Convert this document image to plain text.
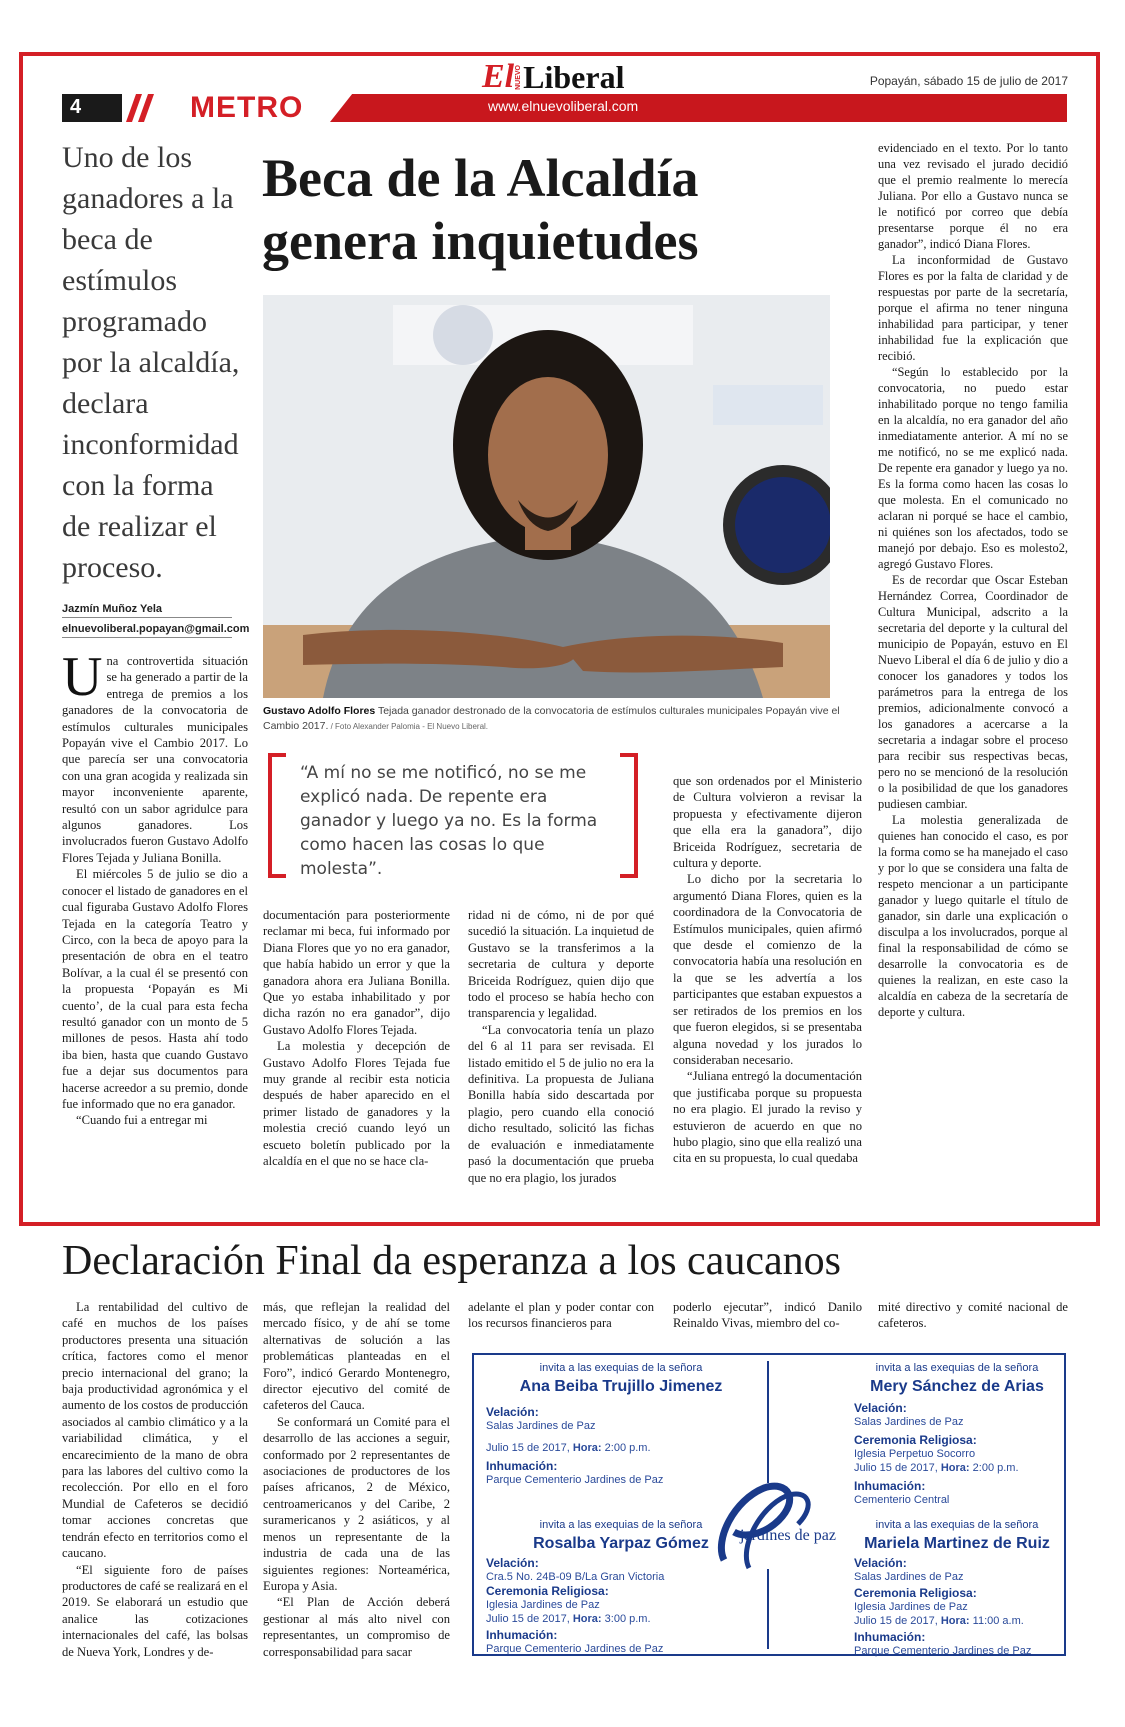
4	METRO	www.elnuevoliberal.com
El NUEVO Liberal	Popayán, sábado 15 de julio de 2017
Uno de los ganadores a la beca de estímulos programado por la alcaldía, declara inconformidad con la forma de realizar el proceso.
Jazmín Muñoz Yela
elnuevoliberal.popayan@gmail.com
Beca de la Alcaldía genera inquietudes
Gustavo Adolfo Flores Tejada ganador destronado de la convocatoria de estímulos culturales municipales Popayán vive el Cambio 2017. / Foto Alexander Palomia - El Nuevo Liberal.
“A mí no se me notificó, no se me explicó nada. De repente era ganador y luego ya no. Es la forma como hacen las cosas lo que molesta”.
U na controvertida situación se ha generado a partir de la entrega de premios a los ganadores de la convocatoria de estímulos culturales municipales Popayán vive el Cambio 2017. Lo que parecía ser una convocatoria con una gran acogida y realizada sin mayor inconveniente aparente, resultó con un sabor agridulce para algunos ganadores. Los involucrados fueron Gustavo Adolfo Flores Tejada y Juliana Bonilla.

El miércoles 5 de julio se dio a conocer el listado de ganadores en el cual figuraba Gustavo Adolfo Flores Tejada en la categoría Teatro y Circo, con la beca de apoyo para la presentación de obra en el teatro Bolívar, a la cual él se presentó con la propuesta ‘Popayán es Mi cuento’, de la cual para esta fecha resultó ganador con un monto de 5 millones de pesos. Hasta ahí todo iba bien, hasta que cuando Gustavo fue a dejar sus documentos para hacerse acreedor a su premio, donde fue informado que no era ganador.

“Cuando fui a entregar mi

documentación para posteriormente reclamar mi beca, fui informado por Diana Flores que yo no era ganador, que había habido un error y que la ganadora ahora era Juliana Bonilla. Que yo estaba inhabilitado y por dicha razón no era ganador”, dijo Gustavo Adolfo Flores Tejada.

La molestia y decepción de Gustavo Adolfo Flores Tejada fue muy grande al recibir esta noticia después de haber aparecido en el primer listado de ganadores y la molestia creció cuando leyó un escueto boletín publicado por la alcaldía en el que no se hace cla-

ridad ni de cómo, ni de por qué sucedió la situación. La inquietud de Gustavo se la transferimos a la secretaria de cultura y deporte Briceida Rodríguez, quien dijo que todo el proceso se había hecho con transparencia y legalidad.

“La convocatoria tenía un plazo del 6 al 11 para ser revisada. El listado emitido el 5 de julio no era la definitiva. La propuesta de Juliana Bonilla había sido descartada por plagio, pero cuando ella conoció dicho resultado, solicitó las fichas de evaluación e inmediatamente pasó la documentación que prueba que no era plagio, los jurados

que son ordenados por el Ministerio de Cultura volvieron a revisar la propuesta y efectivamente dijeron que ella era la ganadora”, dijo Briceida Rodríguez, secretaria de cultura y deporte.

Lo dicho por la secretaria lo argumentó Diana Flores, quien es la coordinadora de la Convocatoria de Estímulos municipales, quien afirmó que desde el comienzo de la convocatoria había una resolución en la que se les advertía a los participantes que estaban expuestos a ser retirados de los premios en los que fueron elegidos, si se presentaba alguna novedad y los jurados lo consideraban necesario.

“Juliana entregó la documentación que justificaba porque su propuesta no era plagio. El jurado la reviso y estuvieron de acuerdo en que no hubo plagio, sino que ella realizó una cita en su propuesta, lo cual quedaba

evidenciado en el texto. Por lo tanto una vez revisado el jurado decidió que el premio realmente lo merecía Juliana. Por ello a Gustavo nunca se le notificó por correo que debía presentarse porque él no era ganador”, indicó Diana Flores.

La inconformidad de Gustavo Flores es por la falta de claridad y de respuestas por parte de la secretaría, porque el afirma no tener ninguna inhabilidad para participar, y tener inhabilidad fue la explicación que recibió.

“Según lo establecido por la convocatoria, no puedo estar inhabilitado porque no tengo familia en la alcaldía, no era ganador del año inmediatamente anterior. A mí no se me notificó, no se me explicó nada. De repente era ganador y luego ya no. Es la forma como hacen las cosas lo que molesta. En el comunicado no aclaran ni porqué se hace el cambio, ni quiénes son los afectados, todo se manejó por debajo. Eso es molesto2, agregó Gustavo Flores.

Es de recordar que Oscar Esteban Hernández Correa, Coordinador de Cultura Municipal, adscrito a la secretaria del deporte y la cultural del municipio de Popayán, estuvo en El Nuevo Liberal el día 6 de julio y dio a conocer los ganadores y todos los parámetros para la entrega de los premios, adicionalmente convocó a los ganadores a acercarse a la secretaria a indagar sobre el proceso para recibir sus respectivas becas, pero no se mencionó de la resolución o la posibilidad de que los ganadores pudiesen cambiar.

La molestia generalizada de quienes han conocido el caso, es por la forma como se ha manejado el caso y por lo que se considera una falta de respeto mencionar a un participante ganador y luego quitarle el título de ganador, sin darle una explicación o disculpa a los involucrados, porque al final la responsabilidad de cómo se desarrolle la convocatoria es de quienes la realizan, en este caso la alcaldía en cabeza de la secretaría de deporte y cultura.

Declaración Final da esperanza a los caucanos

La rentabilidad del cultivo de café en muchos de los países productores presenta una situación crítica, factores como el menor precio internacional del grano; la baja productividad agronómica y el aumento de los costos de producción asociados al cambio climático y a la variabilidad climática, y el encarecimiento de la mano de obra para las labores del cultivo como la recolección. Por ello en el foro Mundial de Cafeteros se decidió tomar acciones concretas que tendrán efecto en territorios como el caucano.

“El siguiente foro de países productores de café se realizará en el 2019. Se elaborará un estudio que analice las cotizaciones internacionales del café, las bolsas de Nueva York, Londres y de-

más, que reflejan la realidad del mercado físico, y de ahí se tome alternativas de solución a las problemáticas planteadas en el Foro”, indicó Gerardo Montenegro, director ejecutivo del comité de cafeteros del Cauca.

Se conformará un Comité para el desarrollo de las acciones a seguir, conformado por 2 representantes de asociaciones de productores de los países africanos, 2 de México, centroamericanos y del Caribe, 2 suramericanos y 2 asiáticos, y al menos un representante de la industria de cada una de las siguientes regiones: Norteamérica, Europa y Asia.

“El Plan de Acción deberá gestionar al más alto nivel con representantes, un compromiso de corresponsabilidad para sacar

adelante el plan y poder contar con los recursos financieros para

poderlo ejecutar”, indicó Danilo Reinaldo Vivas, miembro del co-

mité directivo y comité nacional de cafeteros.

invita a las exequias de la señora
Ana Beiba Trujillo Jimenez
Velación:
Salas Jardines de Paz
Julio 15 de 2017, Hora: 2:00 p.m.
Inhumación:
Parque Cementerio Jardines de Paz
invita a las exequias de la señora
Mery Sánchez de Arias
Velación:
Salas Jardines de Paz
Ceremonia Religiosa:
Iglesia Perpetuo Socorro
Julio 15 de 2017, Hora: 2:00 p.m.
Inhumación:
Cementerio Central
jardines de paz
invita a las exequias de la señora
Rosalba Yarpaz Gómez
Velación:
Cra.5 No. 24B-09 B/La Gran Victoria
Ceremonia Religiosa:
Iglesia Jardines de Paz
Julio 15 de 2017, Hora: 3:00 p.m.
Inhumación:
Parque Cementerio Jardines de Paz
invita a las exequias de la señora
Mariela Martinez de Ruiz
Velación:
Salas Jardines de Paz
Ceremonia Religiosa:
Iglesia Jardines de Paz
Julio 15 de 2017, Hora: 11:00 a.m.
Inhumación:
Parque Cementerio Jardines de Paz
